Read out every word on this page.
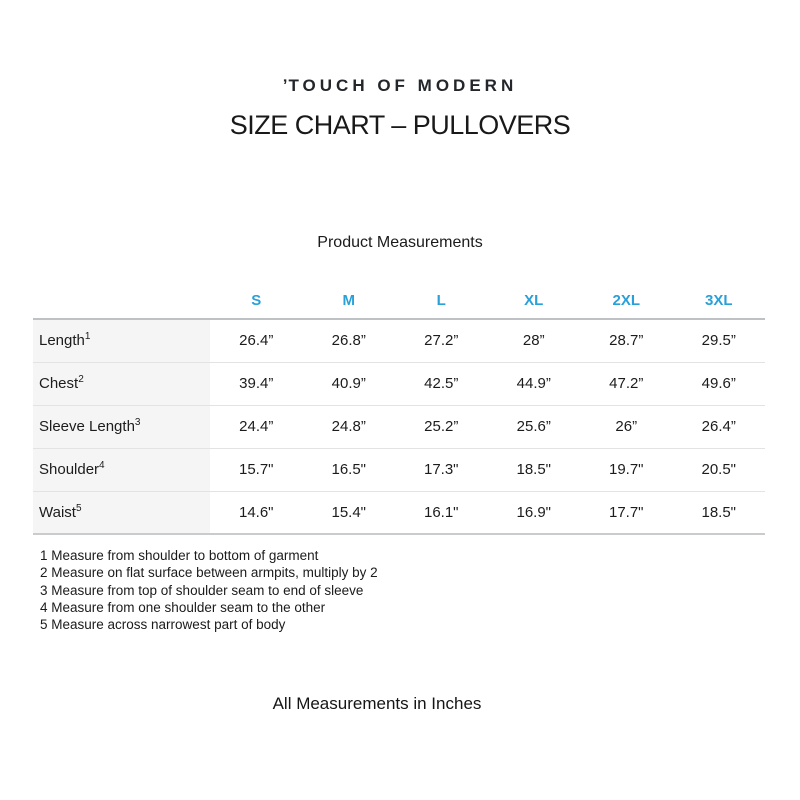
ʼTOUCH OF MODERN
SIZE CHART – PULLOVERS
Product Measurements
	S	M	L	XL	2XL	3XL
Length$^1$	26.4”	26.8”	27.2”	28”	28.7”	29.5”
Chest$^2$	39.4”	40.9”	42.5”	44.9”	47.2”	49.6”
Sleeve Length$^3$	24.4”	24.8”	25.2”	25.6”	26”	26.4”
Shoulder$^4$	15.7"	16.5"	17.3"	18.5"	19.7"	20.5"
Waist$^5$	14.6"	15.4"	16.1"	16.9"	17.7"	18.5"
1 Measure from shoulder to bottom of garment
2 Measure on flat surface between armpits, multiply by 2
3 Measure from top of shoulder seam to end of sleeve
4 Measure from one shoulder seam to the other
5 Measure across narrowest part of body
All Measurements in Inches
